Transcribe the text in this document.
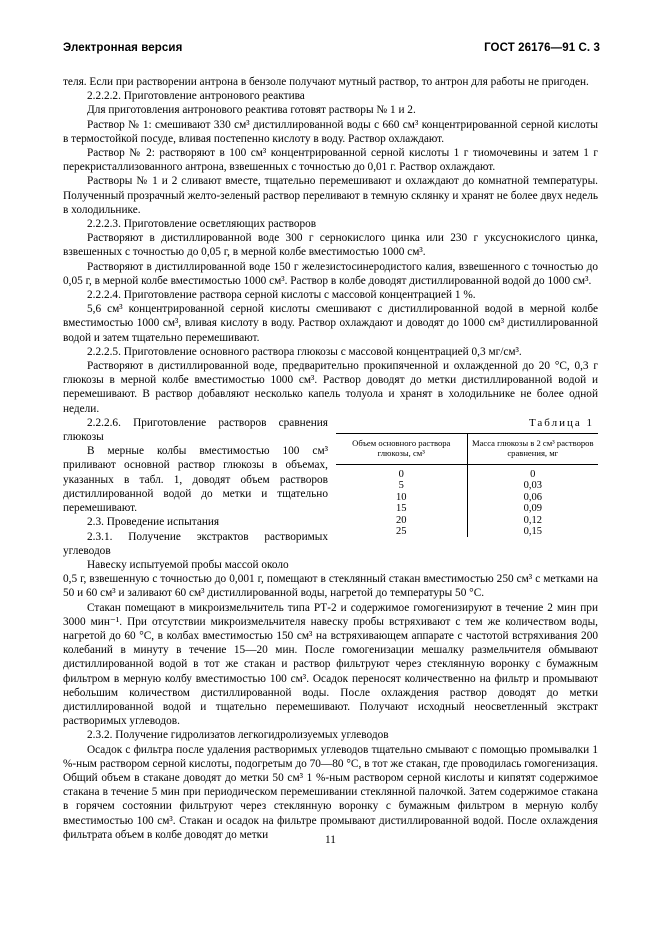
Электронная версия	ГОСТ 26176—91 С. 3

теля. Если при растворении антрона в бензоле получают мутный раствор, то антрон для работы не пригоден.

2.2.2.2. Приготовление антронового реактива

Для приготовления антронового реактива готовят растворы № 1 и 2.

Раствор № 1: смешивают 330 см³ дистиллированной воды с 660 см³ концентрированной серной кислоты в термостойкой посуде, вливая постепенно кислоту в воду. Раствор охлаждают.

Раствор № 2: растворяют в 100 см³ концентрированной серной кислоты 1 г тиомочевины и затем 1 г перекристаллизованного антрона, взвешенных с точностью до 0,01 г. Раствор охлаждают.

Растворы № 1 и 2 сливают вместе, тщательно перемешивают и охлаждают до комнатной температуры. Полученный прозрачный желто-зеленый раствор переливают в темную склянку и хранят не более двух недель в холодильнике.

2.2.2.3. Приготовление осветляющих растворов

Растворяют в дистиллированной воде 300 г сернокислого цинка или 230 г уксуснокислого цинка, взвешенных с точностью до 0,05 г, в мерной колбе вместимостью 1000 см³.

Растворяют в дистиллированной воде 150 г железистосинеродистого калия, взвешенного с точностью до 0,05 г, в мерной колбе вместимостью 1000 см³. Раствор в колбе доводят дистиллированной водой до 1000 см³.

2.2.2.4. Приготовление раствора серной кислоты с массовой концентрацией 1 %.

5,6 см³ концентрированной серной кислоты смешивают с дистиллированной водой в мерной колбе вместимостью 1000 см³, вливая кислоту в воду. Раствор охлаждают и доводят до 1000 см³ дистиллированной водой и затем тщательно перемешивают.

2.2.2.5. Приготовление основного раствора глюкозы с массовой концентрацией 0,3 мг/см³.

Растворяют в дистиллированной воде, предварительно прокипяченной и охлажденной до 20 °С, 0,3 г глюкозы в мерной колбе вместимостью 1000 см³. Раствор доводят до метки дистиллированной водой и перемешивают. В раствор добавляют несколько капель толуола и хранят в холодильнике не более одной недели.

Таблица 1
Объем основного раствора глюкозы, см³	Масса глюкозы в 2 см³ растворов сравнения, мг
0	0
5	0,03
10	0,06
15	0,09
20	0,12
25	0,15

2.2.2.6. Приготовление растворов сравнения глюкозы

В мерные колбы вместимостью 100 см³ приливают основной раствор глюкозы в объемах, указанных в табл. 1, доводят объем растворов дистиллированной водой до метки и тщательно перемешивают.

2.3. Проведение испытания

2.3.1. Получение экстрактов растворимых углеводов

Навеску испытуемой пробы массой около

0,5 г, взвешенную с точностью до 0,001 г, помещают в стеклянный стакан вместимостью 250 см³ с метками на 50 и 60 см³ и заливают 60 см³ дистиллированной воды, нагретой до температуры 50 °С.

Стакан помещают в микроизмельчитель типа РТ-2 и содержимое гомогенизируют в течение 2 мин при 3000 мин⁻¹. При отсутствии микроизмельчителя навеску пробы встряхивают с тем же количеством воды, нагретой до 60 °С, в колбах вместимостью 150 см³ на встряхивающем аппарате с частотой встряхивания 200 колебаний в минуту в течение 15—20 мин. После гомогенизации мешалку размельчителя обмывают дистиллированной водой в тот же стакан и раствор фильтруют через стеклянную воронку с бумажным фильтром в мерную колбу вместимостью 100 см³. Осадок переносят количественно на фильтр и промывают небольшим количеством дистиллированной воды. После охлаждения раствор доводят до метки дистиллированной водой и тщательно перемешивают. Получают исходный неосветленный экстракт растворимых углеводов.

2.3.2. Получение гидролизатов легкогидролизуемых углеводов

Осадок с фильтра после удаления растворимых углеводов тщательно смывают с помощью промывалки 1 %-ным раствором серной кислоты, подогретым до 70—80 °С, в тот же стакан, где проводилась гомогенизация. Общий объем в стакане доводят до метки 50 см³ 1 %-ным раствором серной кислоты и кипятят содержимое стакана в течение 5 мин при периодическом перемешивании стеклянной палочкой. Затем содержимое стакана в горячем состоянии фильтруют через стеклянную воронку с бумажным фильтром в мерную колбу вместимостью 100 см³. Стакан и осадок на фильтре промывают дистиллированной водой. После охлаждения фильтрата объем в колбе доводят до метки	11
